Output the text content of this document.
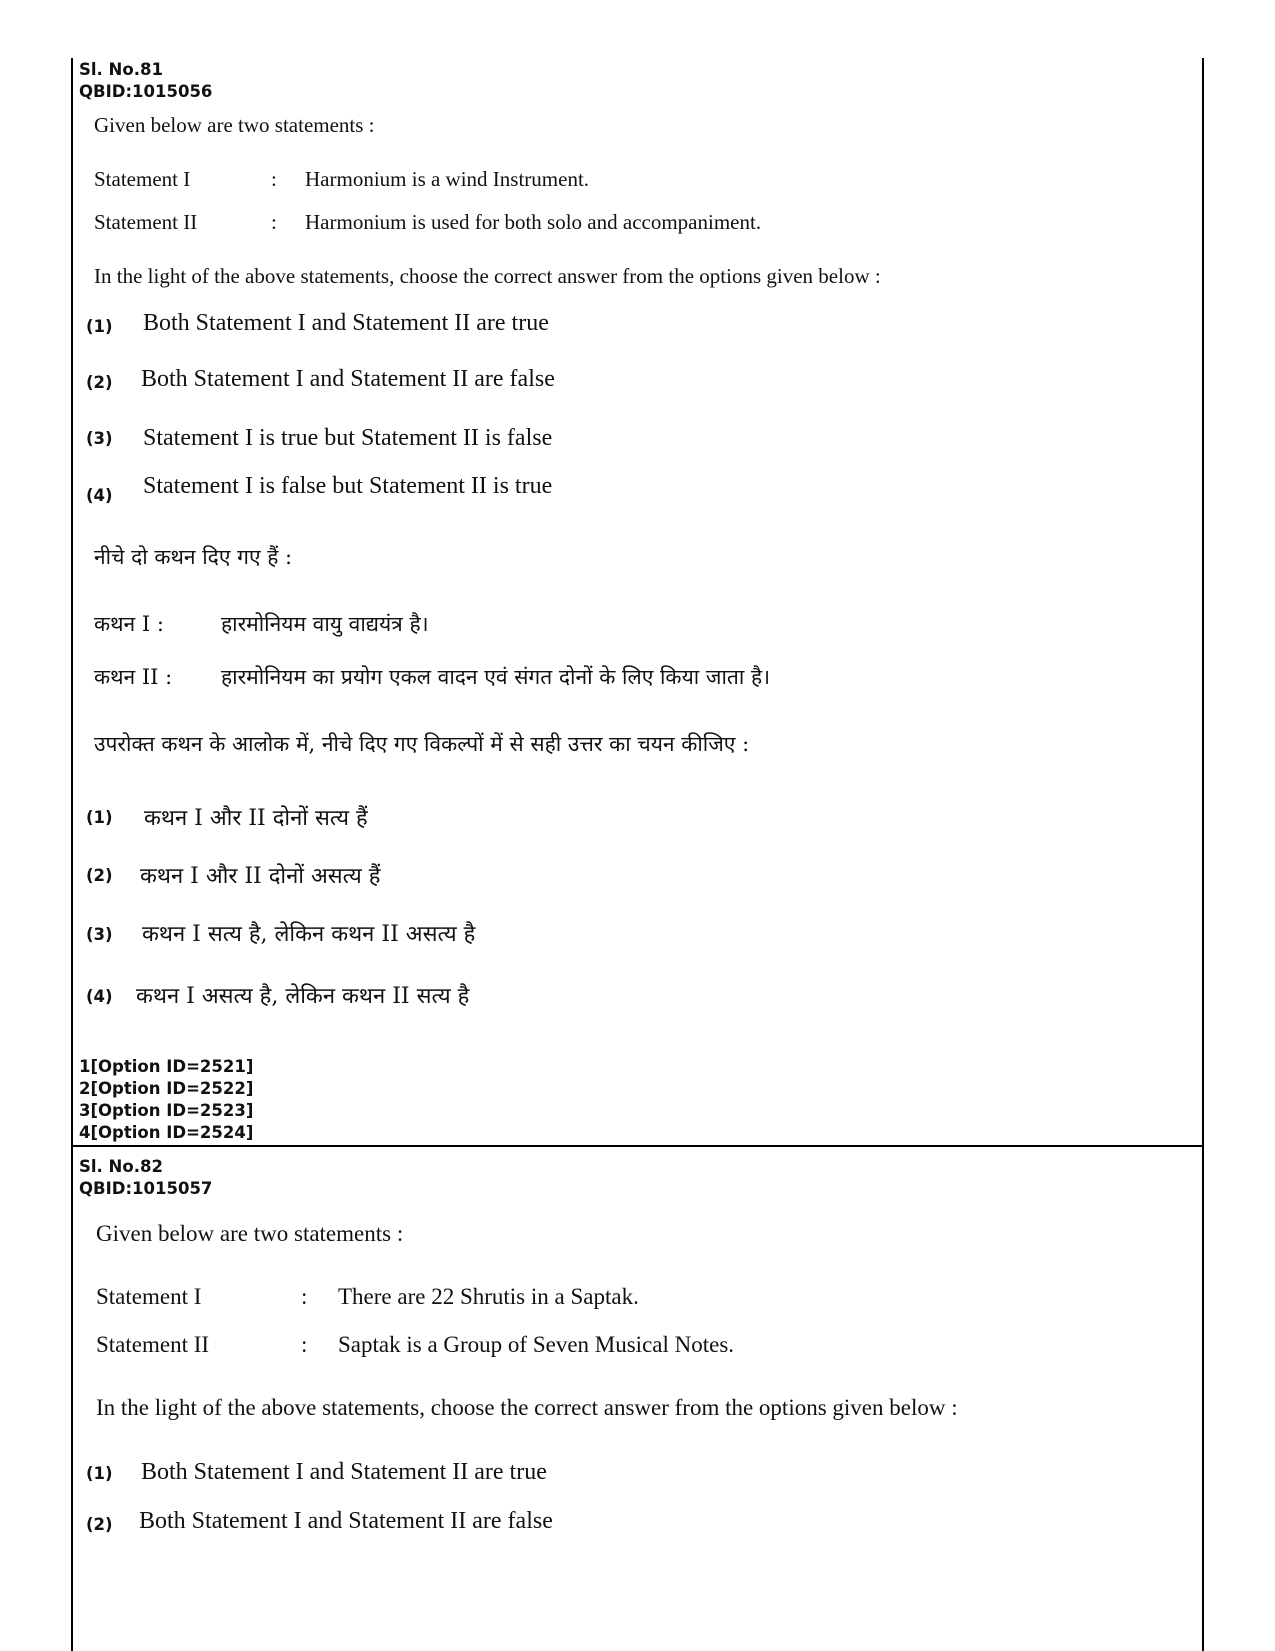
Sl. No.81
QBID:1015056
Given below are two statements :
Statement I	: Harmonium is a wind Instrument.
Statement II	: Harmonium is used for both solo and accompaniment.
In the light of the above statements, choose the correct answer from the options given below :
(1) Both Statement I and Statement II are true
(2) Both Statement I and Statement II are false
(3) Statement I is true but Statement II is false
(4) Statement I is false but Statement II is true
नीचे दो कथन दिए गए हैं :
कथन I :	हारमोनियम वायु वाद्ययंत्र है।
कथन II : हारमोनियम का प्रयोग एकल वादन एवं संगत दोनों के लिए किया जाता है।
उपरोक्त कथन के आलोक में, नीचे दिए गए विकल्पों में से सही उत्तर का चयन कीजिए :
(1) कथन I और II दोनों सत्य हैं
(2) कथन I और II दोनों असत्य हैं
(3) कथन I सत्य है, लेकिन कथन II असत्य है
(4) कथन I असत्य है, लेकिन कथन II सत्य है
1[Option ID=2521]
2[Option ID=2522]
3[Option ID=2523]
4[Option ID=2524]
Sl. No.82
QBID:1015057
Given below are two statements :
Statement I	: There are 22 Shrutis in a Saptak.
Statement II	: Saptak is a Group of Seven Musical Notes.
In the light of the above statements, choose the correct answer from the options given below :
(1) Both Statement I and Statement II are true
(2) Both Statement I and Statement II are false
